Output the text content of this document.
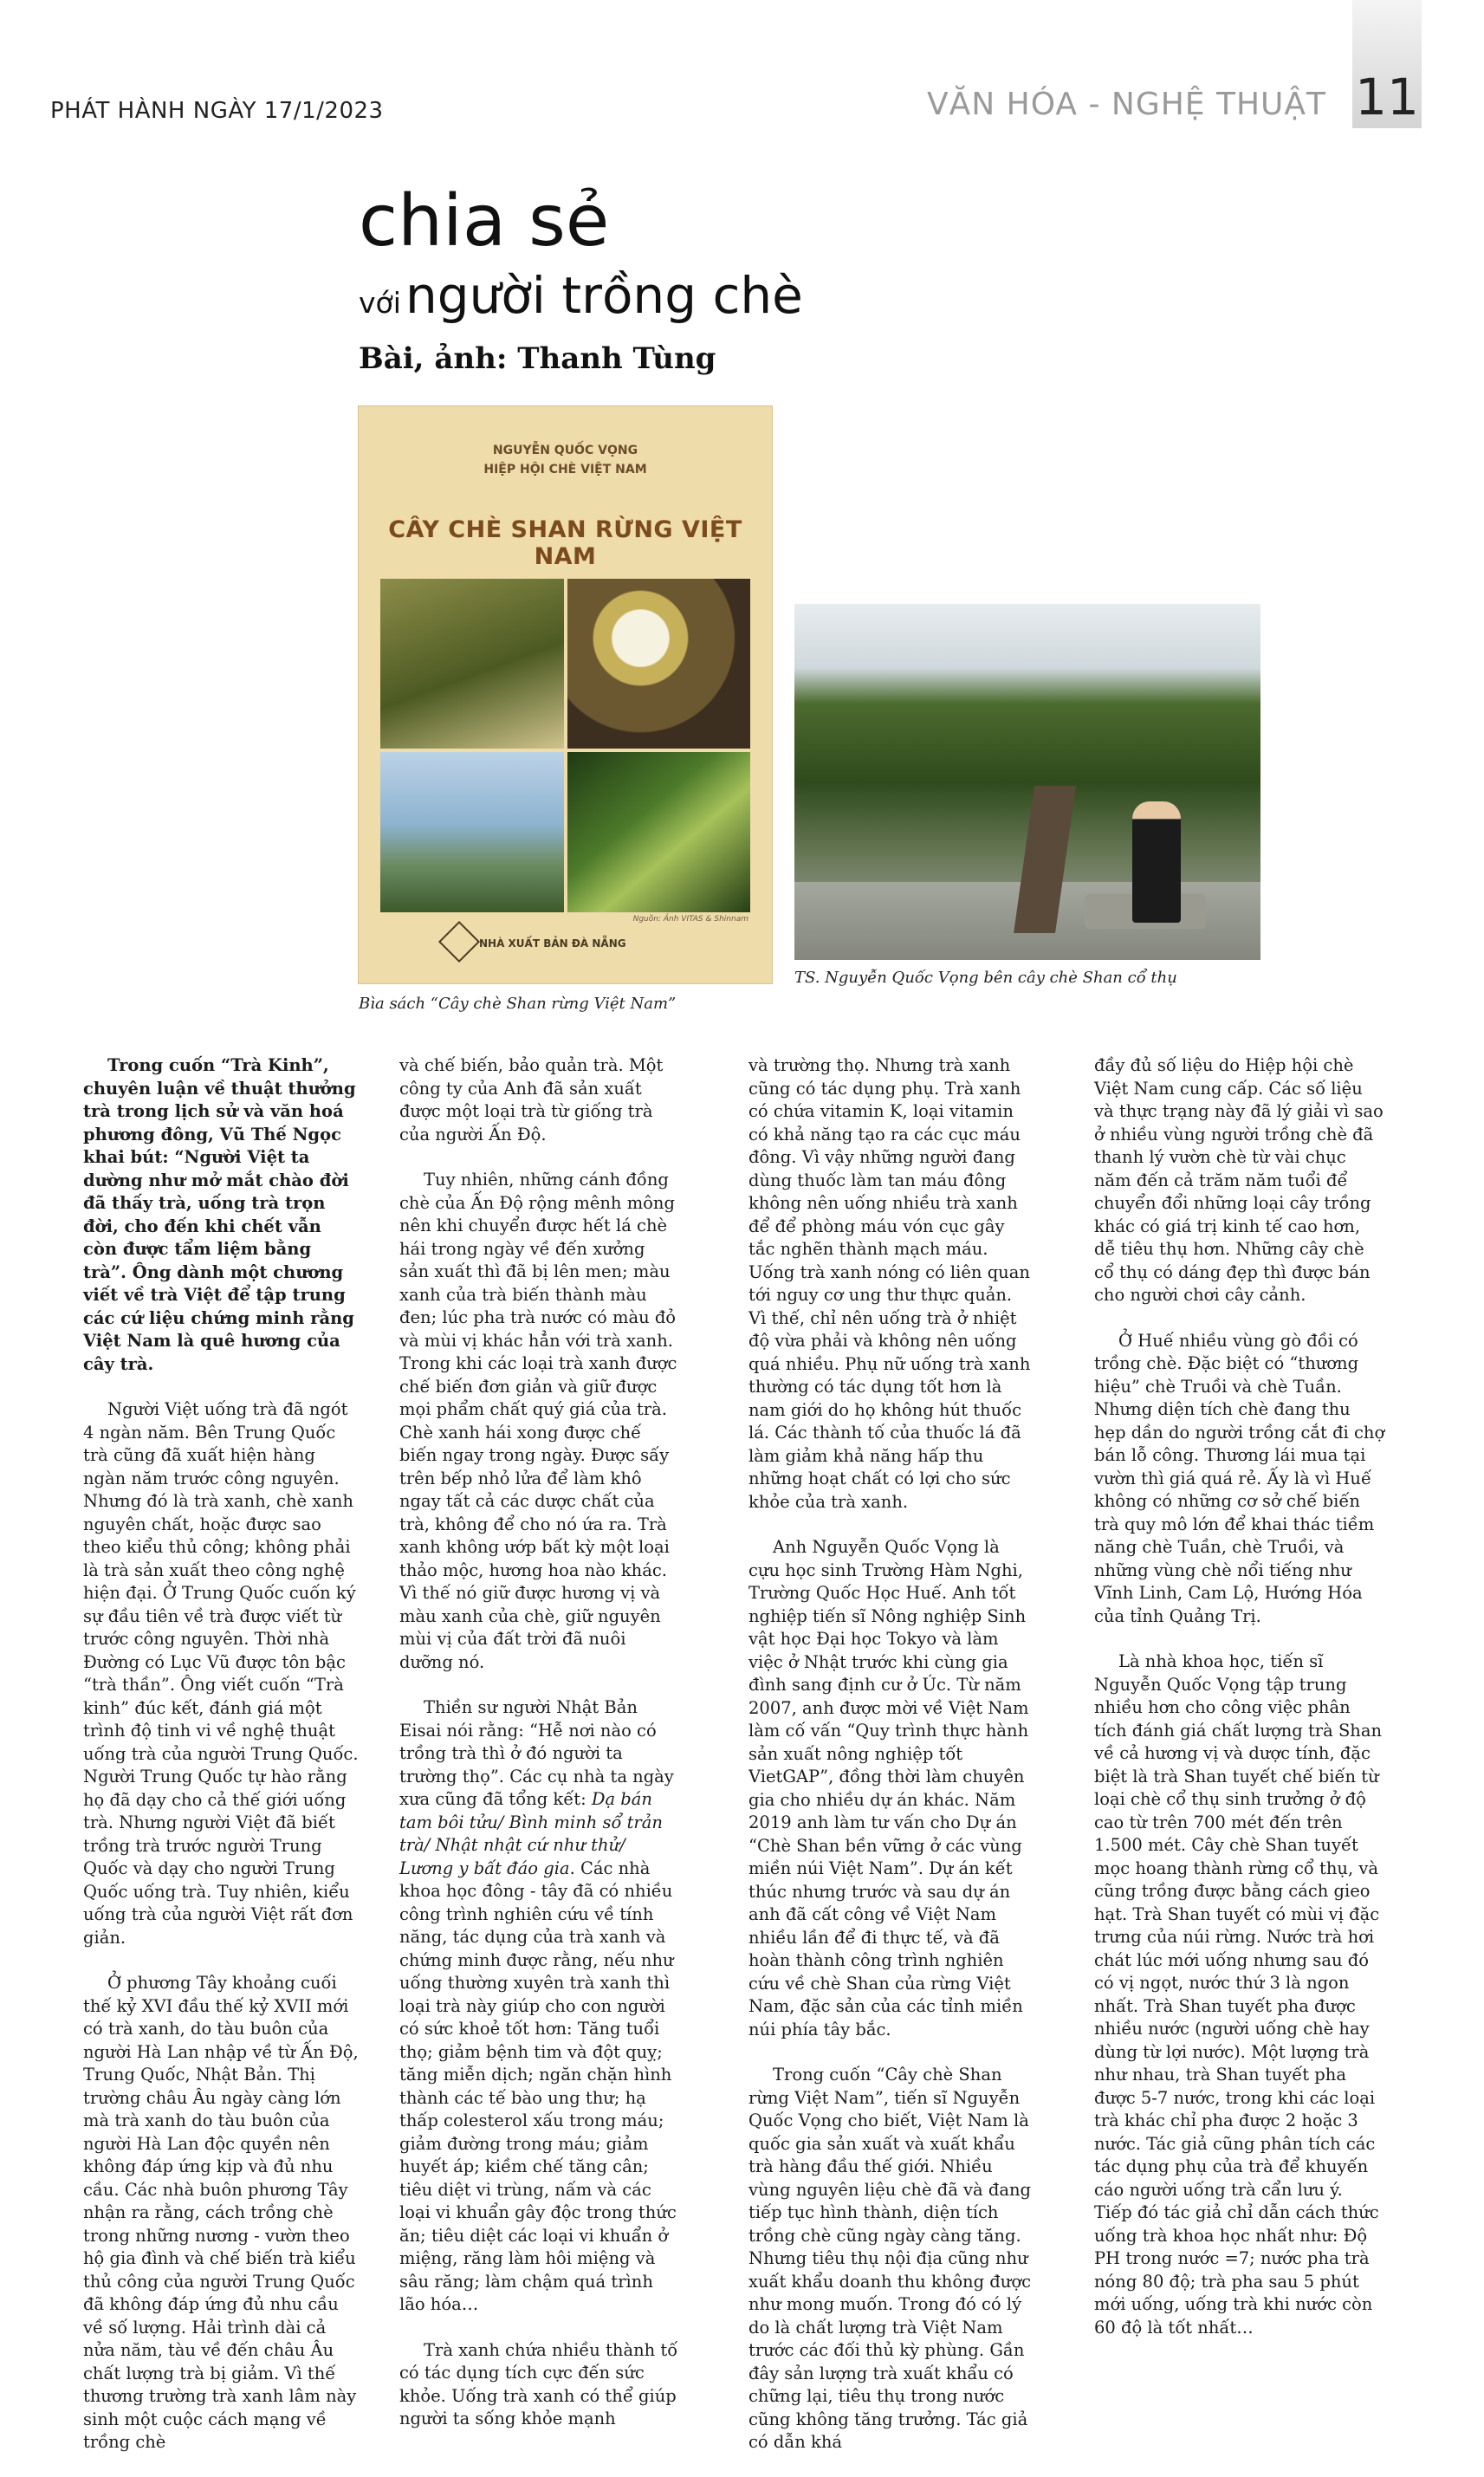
PHÁT HÀNH NGÀY 17/1/2023	VĂN HÓA - NGHỆ THUẬT 11
chia sẻ
với người trồng chè
Bài, ảnh: Thanh Tùng
NGUYỄN QUỐC VỌNG
HIỆP HỘI CHÈ VIỆT NAM
CÂY CHÈ SHAN RỪNG VIỆT NAM
Nguồn: Ảnh VITAS & Shinnam
NHÀ XUẤT BẢN ĐÀ NẴNG
Bìa sách “Cây chè Shan rừng Việt Nam”
TS. Nguyễn Quốc Vọng bên cây chè Shan cổ thụ

Trong cuốn “Trà Kinh”, chuyên luận về thuật thưởng trà trong lịch sử và văn hoá phương đông, Vũ Thế Ngọc khai bút: “Người Việt ta dường như mở mắt chào đời đã thấy trà, uống trà trọn đời, cho đến khi chết vẫn còn được tẩm liệm bằng trà”. Ông dành một chương viết về trà Việt để tập trung các cứ liệu chứng minh rằng Việt Nam là quê hương của cây trà.

Người Việt uống trà đã ngót 4 ngàn năm. Bên Trung Quốc trà cũng đã xuất hiện hàng ngàn năm trước công nguyên. Nhưng đó là trà xanh, chè xanh nguyên chất, hoặc được sao theo kiểu thủ công; không phải là trà sản xuất theo công nghệ hiện đại. Ở Trung Quốc cuốn ký sự đầu tiên về trà được viết từ trước công nguyên. Thời nhà Đường có Lục Vũ được tôn bậc “trà thần”. Ông viết cuốn “Trà kinh” đúc kết, đánh giá một trình độ tinh vi về nghệ thuật uống trà của người Trung Quốc. Người Trung Quốc tự hào rằng họ đã dạy cho cả thế giới uống trà. Nhưng người Việt đã biết trồng trà trước người Trung Quốc và dạy cho người Trung Quốc uống trà. Tuy nhiên, kiểu uống trà của người Việt rất đơn giản.

Ở phương Tây khoảng cuối thế kỷ XVI đầu thế kỷ XVII mới có trà xanh, do tàu buôn của người Hà Lan nhập về từ Ấn Độ, Trung Quốc, Nhật Bản. Thị trường châu Âu ngày càng lớn mà trà xanh do tàu buôn của người Hà Lan độc quyền nên không đáp ứng kịp và đủ nhu cầu. Các nhà buôn phương Tây nhận ra rằng, cách trồng chè trong những nương - vườn theo hộ gia đình và chế biến trà kiểu thủ công của người Trung Quốc đã không đáp ứng đủ nhu cầu về số lượng. Hải trình dài cả nửa năm, tàu về đến châu Âu chất lượng trà bị giảm. Vì thế thương trường trà xanh lâm này sinh một cuộc cách mạng về trồng chè

và chế biến, bảo quản trà. Một công ty của Anh đã sản xuất được một loại trà từ giống trà của người Ấn Độ.

Tuy nhiên, những cánh đồng chè của Ấn Độ rộng mênh mông nên khi chuyển được hết lá chè hái trong ngày về đến xưởng sản xuất thì đã bị lên men; màu xanh của trà biến thành màu đen; lúc pha trà nước có màu đỏ và mùi vị khác hẳn với trà xanh. Trong khi các loại trà xanh được chế biến đơn giản và giữ được mọi phẩm chất quý giá của trà. Chè xanh hái xong được chế biến ngay trong ngày. Được sấy trên bếp nhỏ lửa để làm khô ngay tất cả các dược chất của trà, không để cho nó ứa ra. Trà xanh không ướp bất kỳ một loại thảo mộc, hương hoa nào khác. Vì thế nó giữ được hương vị và màu xanh của chè, giữ nguyên mùi vị của đất trời đã nuôi dưỡng nó.

Thiền sư người Nhật Bản Eisai nói rằng: “Hễ nơi nào có trồng trà thì ở đó người ta trường thọ”. Các cụ nhà ta ngày xưa cũng đã tổng kết: Dạ bán tam bôi tửu/ Bình minh sổ trản trà/ Nhật nhật cứ như thử/ Lương y bất đáo gia. Các nhà khoa học đông - tây đã có nhiều công trình nghiên cứu về tính năng, tác dụng của trà xanh và chứng minh được rằng, nếu như uống thường xuyên trà xanh thì loại trà này giúp cho con người có sức khoẻ tốt hơn: Tăng tuổi thọ; giảm bệnh tim và đột quỵ; tăng miễn dịch; ngăn chặn hình thành các tế bào ung thư; hạ thấp colesterol xấu trong máu; giảm đường trong máu; giảm huyết áp; kiềm chế tăng cân; tiêu diệt vi trùng, nấm và các loại vi khuẩn gây độc trong thức ăn; tiêu diệt các loại vi khuẩn ở miệng, răng làm hôi miệng và sâu răng; làm chậm quá trình lão hóa…

Trà xanh chứa nhiều thành tố có tác dụng tích cực đến sức khỏe. Uống trà xanh có thể giúp người ta sống khỏe mạnh

và trường thọ. Nhưng trà xanh cũng có tác dụng phụ. Trà xanh có chứa vitamin K, loại vitamin có khả năng tạo ra các cục máu đông. Vì vậy những người đang dùng thuốc làm tan máu đông không nên uống nhiều trà xanh để để phòng máu vón cục gây tắc nghẽn thành mạch máu. Uống trà xanh nóng có liên quan tới nguy cơ ung thư thực quản. Vì thế, chỉ nên uống trà ở nhiệt độ vừa phải và không nên uống quá nhiều. Phụ nữ uống trà xanh thường có tác dụng tốt hơn là nam giới do họ không hút thuốc lá. Các thành tố của thuốc lá đã làm giảm khả năng hấp thu những hoạt chất có lợi cho sức khỏe của trà xanh.

Anh Nguyễn Quốc Vọng là cựu học sinh Trường Hàm Nghi, Trường Quốc Học Huế. Anh tốt nghiệp tiến sĩ Nông nghiệp Sinh vật học Đại học Tokyo và làm việc ở Nhật trước khi cùng gia đình sang định cư ở Úc. Từ năm 2007, anh được mời về Việt Nam làm cố vấn “Quy trình thực hành sản xuất nông nghiệp tốt VietGAP”, đồng thời làm chuyên gia cho nhiều dự án khác. Năm 2019 anh làm tư vấn cho Dự án “Chè Shan bền vững ở các vùng miền núi Việt Nam”. Dự án kết thúc nhưng trước và sau dự án anh đã cất công về Việt Nam nhiều lần để đi thực tế, và đã hoàn thành công trình nghiên cứu về chè Shan của rừng Việt Nam, đặc sản của các tỉnh miền núi phía tây bắc.

Trong cuốn “Cây chè Shan rừng Việt Nam”, tiến sĩ Nguyễn Quốc Vọng cho biết, Việt Nam là quốc gia sản xuất và xuất khẩu trà hàng đầu thế giới. Nhiều vùng nguyên liệu chè đã và đang tiếp tục hình thành, diện tích trồng chè cũng ngày càng tăng. Nhưng tiêu thụ nội địa cũng như xuất khẩu doanh thu không được như mong muốn. Trong đó có lý do là chất lượng trà Việt Nam trước các đối thủ kỳ phùng. Gần đây sản lượng trà xuất khẩu có chững lại, tiêu thụ trong nước cũng không tăng trưởng. Tác giả có dẫn khá

đầy đủ số liệu do Hiệp hội chè Việt Nam cung cấp. Các số liệu và thực trạng này đã lý giải vì sao ở nhiều vùng người trồng chè đã thanh lý vườn chè từ vài chục năm đến cả trăm năm tuổi để chuyển đổi những loại cây trồng khác có giá trị kinh tế cao hơn, dễ tiêu thụ hơn. Những cây chè cổ thụ có dáng đẹp thì được bán cho người chơi cây cảnh.

Ở Huế nhiều vùng gò đồi có trồng chè. Đặc biệt có “thương hiệu” chè Truồi và chè Tuần. Nhưng diện tích chè đang thu hẹp dần do người trồng cắt đi chợ bán lỗ công. Thương lái mua tại vườn thì giá quá rẻ. Ấy là vì Huế không có những cơ sở chế biến trà quy mô lớn để khai thác tiềm năng chè Tuần, chè Truồi, và những vùng chè nổi tiếng như Vĩnh Linh, Cam Lộ, Hướng Hóa của tỉnh Quảng Trị.

Là nhà khoa học, tiến sĩ Nguyễn Quốc Vọng tập trung nhiều hơn cho công việc phân tích đánh giá chất lượng trà Shan về cả hương vị và dược tính, đặc biệt là trà Shan tuyết chế biến từ loại chè cổ thụ sinh trưởng ở độ cao từ trên 700 mét đến trên 1.500 mét. Cây chè Shan tuyết mọc hoang thành rừng cổ thụ, và cũng trồng được bằng cách gieo hạt. Trà Shan tuyết có mùi vị đặc trưng của núi rừng. Nước trà hơi chát lúc mới uống nhưng sau đó có vị ngọt, nước thứ 3 là ngon nhất. Trà Shan tuyết pha được nhiều nước (người uống chè hay dùng từ lợi nước). Một lượng trà như nhau, trà Shan tuyết pha được 5-7 nước, trong khi các loại trà khác chỉ pha được 2 hoặc 3 nước. Tác giả cũng phân tích các tác dụng phụ của trà để khuyến cáo người uống trà cẩn lưu ý. Tiếp đó tác giả chỉ dẫn cách thức uống trà khoa học nhất như: Độ PH trong nước =7; nước pha trà nóng 80 độ; trà pha sau 5 phút mới uống, uống trà khi nước còn 60 độ là tốt nhất…
